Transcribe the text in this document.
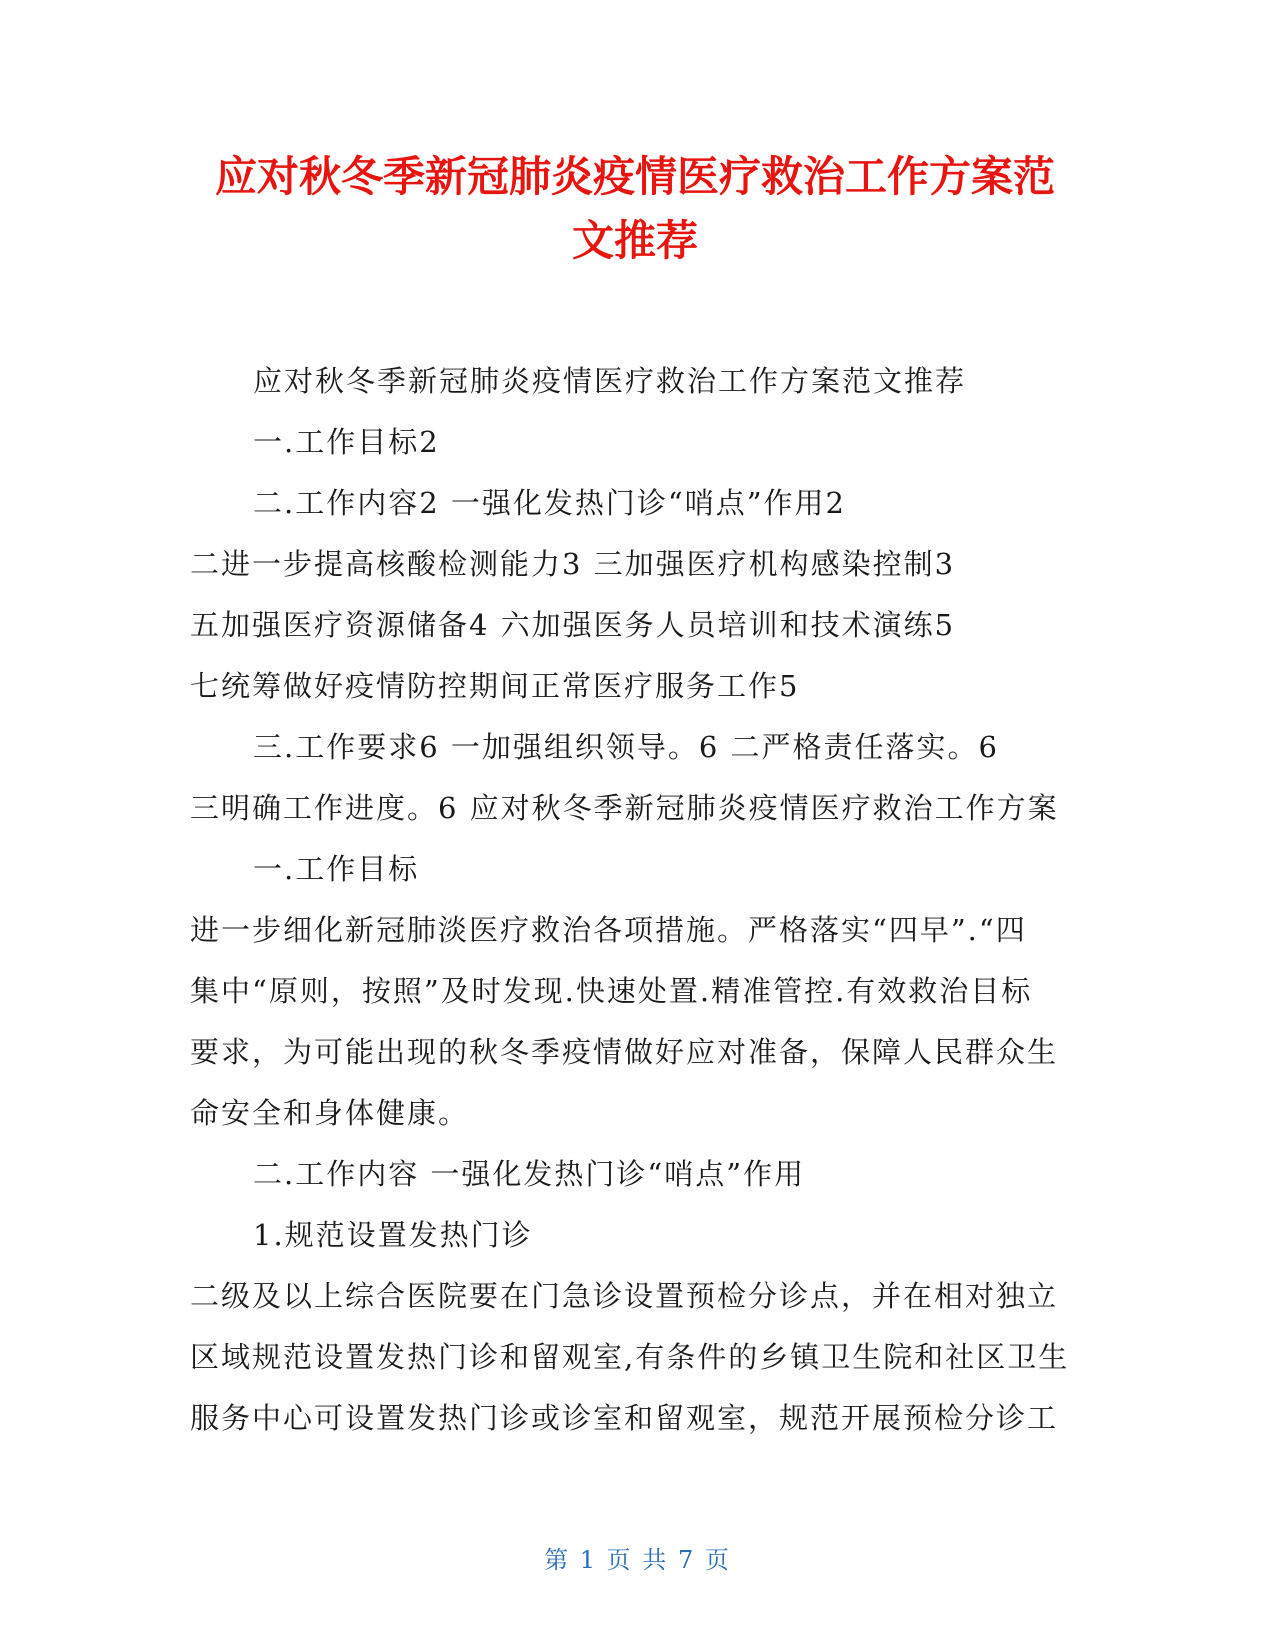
应对秋冬季新冠肺炎疫情医疗救治工作方案范
文推荐
应对秋冬季新冠肺炎疫情医疗救治工作方案范文推荐
一.工作目标2
二.工作内容2 一强化发热门诊“哨点”作用2
二进一步提高核酸检测能力3 三加强医疗机构感染控制3
五加强医疗资源储备4 六加强医务人员培训和技术演练5
七统筹做好疫情防控期间正常医疗服务工作5
三.工作要求6 一加强组织领导。6 二严格责任落实。6
三明确工作进度。6 应对秋冬季新冠肺炎疫情医疗救治工作方案
一.工作目标
进一步细化新冠肺淡医疗救治各项措施。严格落实“四早”.“四
集中“原则，按照”及时发现.快速处置.精准管控.有效救治目标
要求，为可能出现的秋冬季疫情做好应对准备，保障人民群众生
命安全和身体健康。
二.工作内容 一强化发热门诊“哨点”作用
1.规范设置发热门诊
二级及以上综合医院要在门急诊设置预检分诊点，并在相对独立
区域规范设置发热门诊和留观室,有条件的乡镇卫生院和社区卫生
服务中心可设置发热门诊或诊室和留观室，规范开展预检分诊工
第 1 页 共 7 页
